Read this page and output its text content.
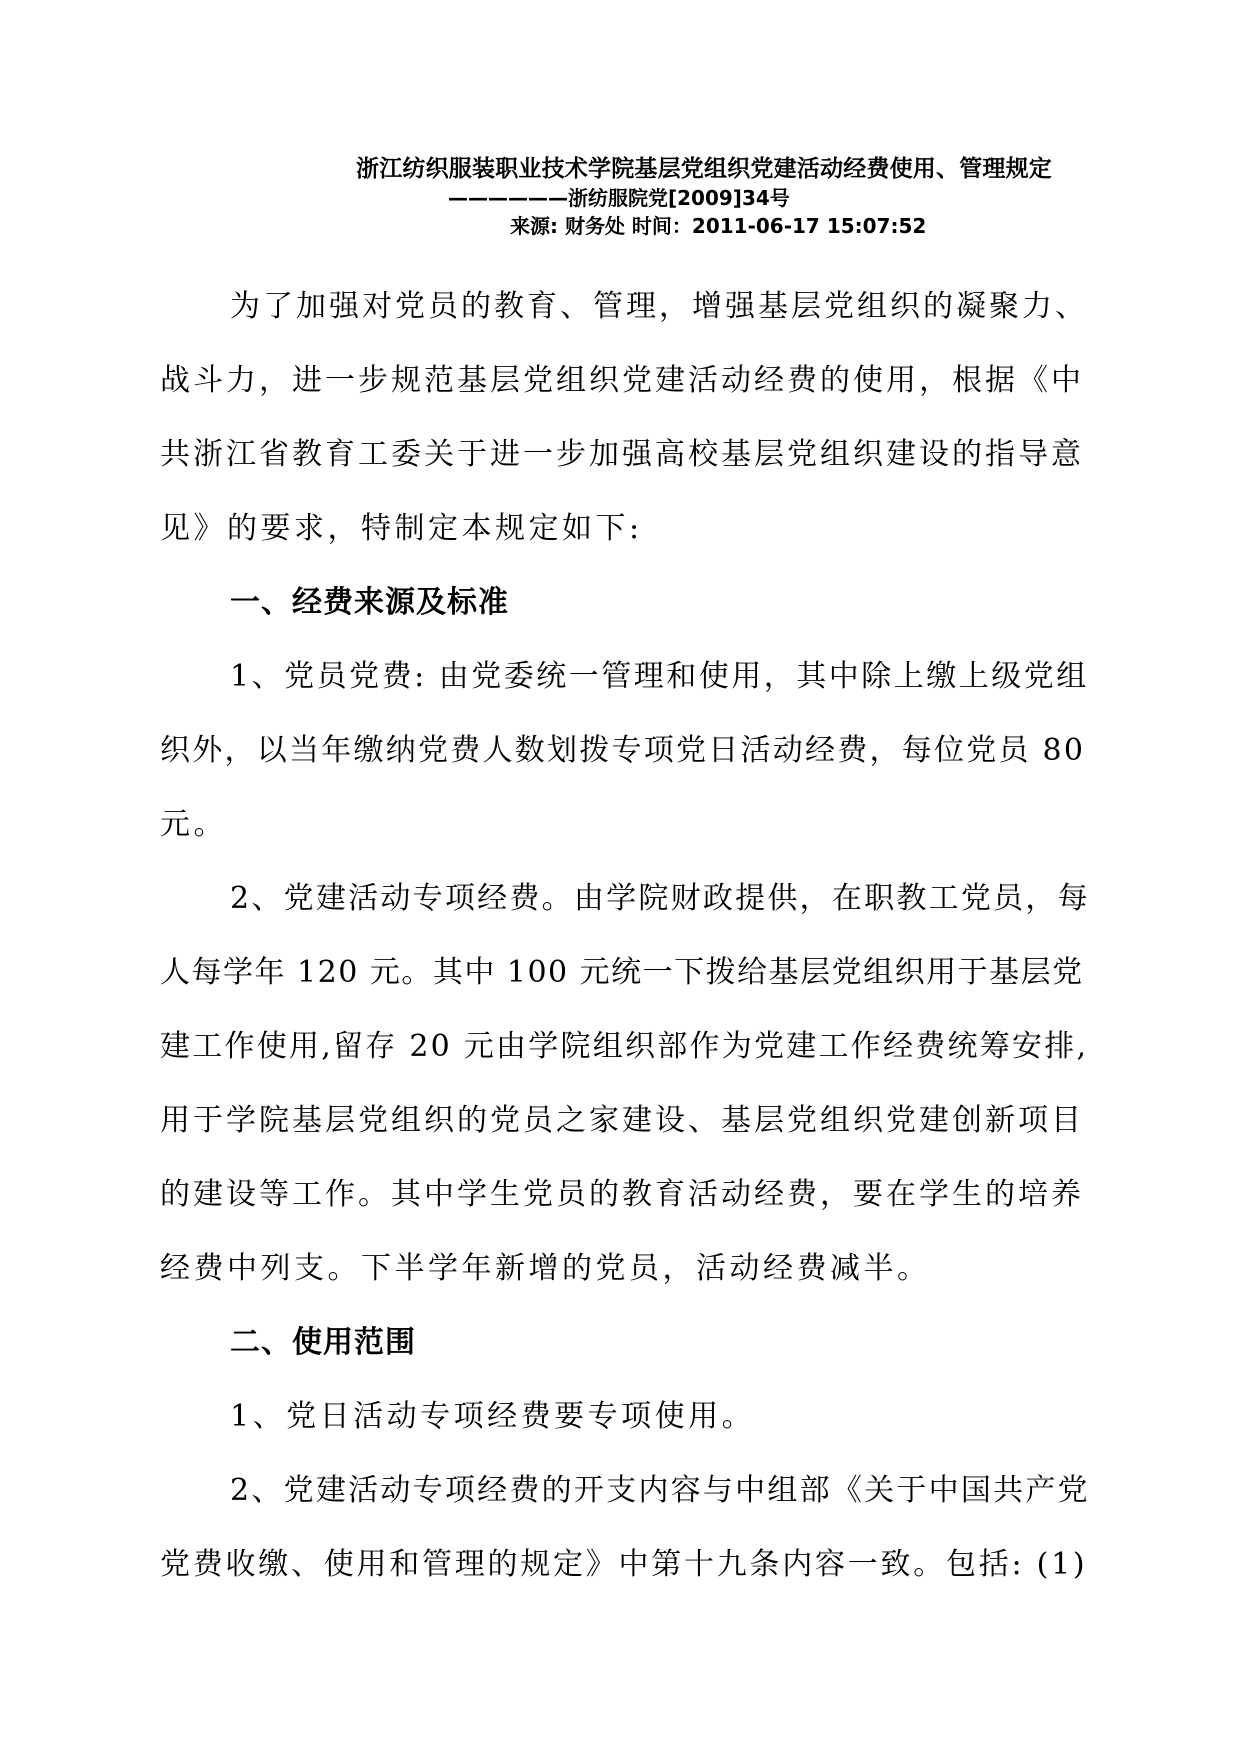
浙江纺织服装职业技术学院基层党组织党建活动经费使用、管理规定
——————浙纺服院党[2009]34号
来源: 财务处 时间：2011-06-17 15:07:52
为了加强对党员的教育、管理，增强基层党组织的凝聚力、
战斗力，进一步规范基层党组织党建活动经费的使用，根据《中
共浙江省教育工委关于进一步加强高校基层党组织建设的指导意
见》的要求，特制定本规定如下:
一、经费来源及标准
1、党员党费: 由党委统一管理和使用，其中除上缴上级党组
织外，以当年缴纳党费人数划拨专项党日活动经费，每位党员 80
元。
2、党建活动专项经费。由学院财政提供，在职教工党员，每
人每学年 120 元。其中 100 元统一下拨给基层党组织用于基层党
建工作使用,留存 20 元由学院组织部作为党建工作经费统筹安排,
用于学院基层党组织的党员之家建设、基层党组织党建创新项目
的建设等工作。其中学生党员的教育活动经费，要在学生的培养
经费中列支。下半学年新增的党员，活动经费减半。
二、使用范围
1、党日活动专项经费要专项使用。
2、党建活动专项经费的开支内容与中组部《关于中国共产党
党费收缴、使用和管理的规定》中第十九条内容一致。包括: (1)
